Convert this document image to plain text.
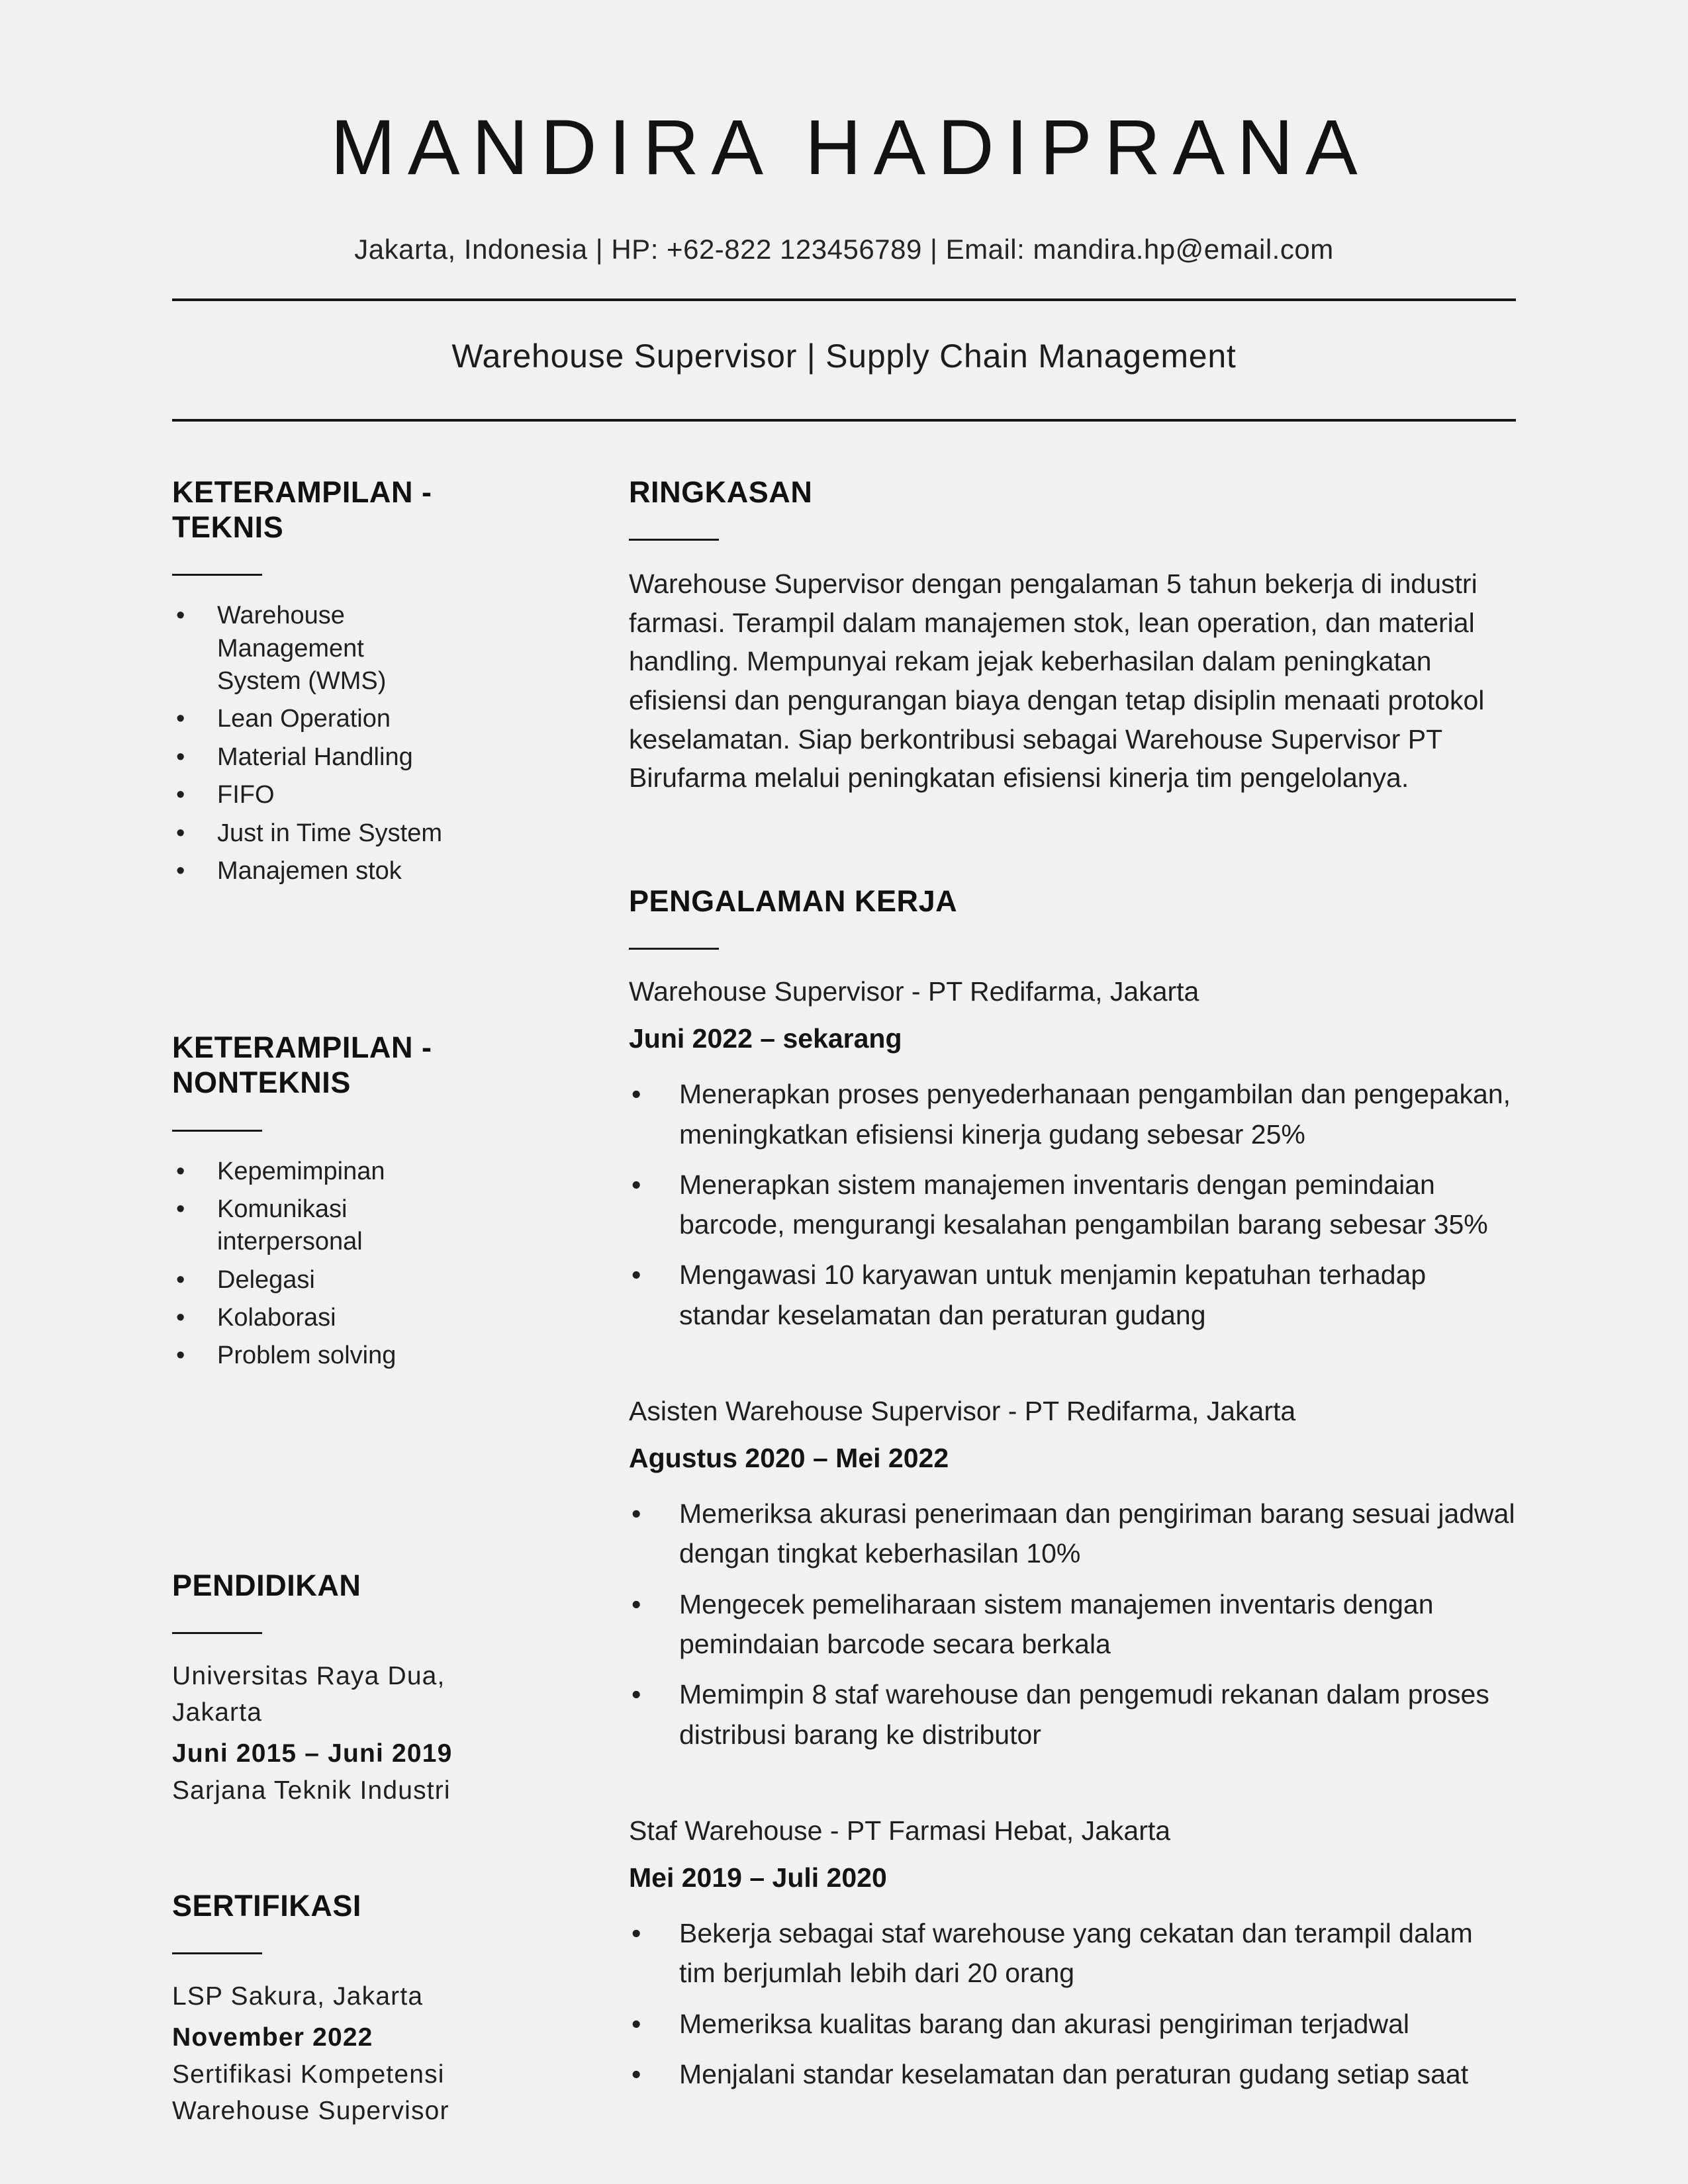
MANDIRA HADIPRANA
Jakarta, Indonesia | HP: +62-822 123456789 | Email: mandira.hp@email.com
Warehouse Supervisor | Supply Chain Management
KETERAMPILAN - TEKNIS
• Warehouse Management System (WMS)
• Lean Operation
• Material Handling
• FIFO
• Just in Time System
• Manajemen stok
KETERAMPILAN - NONTEKNIS
• Kepemimpinan
• Komunikasi interpersonal
• Delegasi
• Kolaborasi
• Problem solving
PENDIDIKAN
Universitas Raya Dua, Jakarta
Juni 2015 – Juni 2019
Sarjana Teknik Industri
SERTIFIKASI
LSP Sakura, Jakarta
November 2022
Sertifikasi Kompetensi Warehouse Supervisor
RINGKASAN

Warehouse Supervisor dengan pengalaman 5 tahun bekerja di industri farmasi. Terampil dalam manajemen stok, lean operation, dan material handling. Mempunyai rekam jejak keberhasilan dalam peningkatan efisiensi dan pengurangan biaya dengan tetap disiplin menaati protokol keselamatan. Siap berkontribusi sebagai Warehouse Supervisor PT Birufarma melalui peningkatan efisiensi kinerja tim pengelolanya.

PENGALAMAN KERJA
Warehouse Supervisor - PT Redifarma, Jakarta
Juni 2022 – sekarang
• Menerapkan proses penyederhanaan pengambilan dan pengepakan, meningkatkan efisiensi kinerja gudang sebesar 25%
• Menerapkan sistem manajemen inventaris dengan pemindaian barcode, mengurangi kesalahan pengambilan barang sebesar 35%
• Mengawasi 10 karyawan untuk menjamin kepatuhan terhadap standar keselamatan dan peraturan gudang
Asisten Warehouse Supervisor - PT Redifarma, Jakarta
Agustus 2020 – Mei 2022
• Memeriksa akurasi penerimaan dan pengiriman barang sesuai jadwal dengan tingkat keberhasilan 10%
• Mengecek pemeliharaan sistem manajemen inventaris dengan pemindaian barcode secara berkala
• Memimpin 8 staf warehouse dan pengemudi rekanan dalam proses distribusi barang ke distributor
Staf Warehouse - PT Farmasi Hebat, Jakarta
Mei 2019 – Juli 2020
• Bekerja sebagai staf warehouse yang cekatan dan terampil dalam tim berjumlah lebih dari 20 orang
• Memeriksa kualitas barang dan akurasi pengiriman terjadwal
• Menjalani standar keselamatan dan peraturan gudang setiap saat
